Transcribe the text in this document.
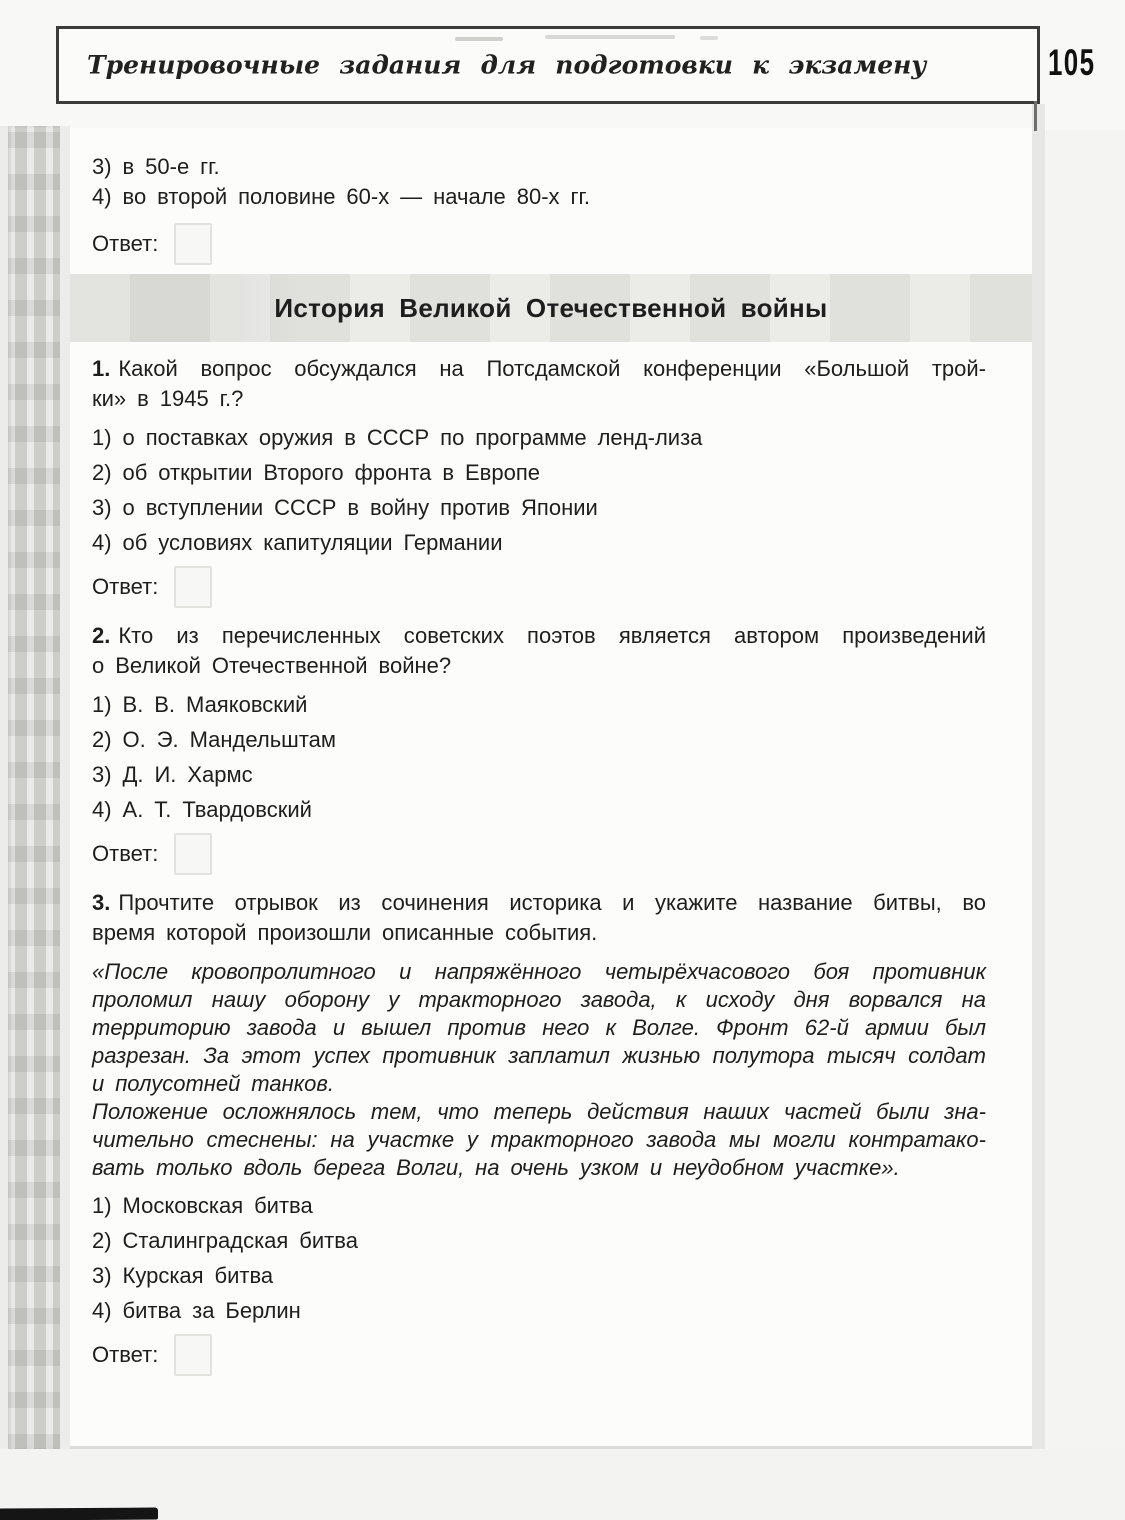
Тренировочные задания для подготовки к экзамену	105
3) в 50-е гг.
4) во второй половине 60-х — начале 80-х гг.
Ответ:
История Великой Отечественной войны
1. Какой вопрос обсуждался на Потсдамской конференции «Большой трой-
ки» в 1945 г.?
1) о поставках оружия в СССР по программе ленд-лиза
2) об открытии Второго фронта в Европе
3) о вступлении СССР в войну против Японии
4) об условиях капитуляции Германии
Ответ:
2. Кто из перечисленных советских поэтов является автором произведений
о Великой Отечественной войне?
1) В. В. Маяковский
2) О. Э. Мандельштам
3) Д. И. Хармс
4) А. Т. Твардовский
Ответ:
3. Прочтите отрывок из сочинения историка и укажите название битвы, во
время которой произошли описанные события.
«После кровопролитного и напряжённого четырёхчасового боя противник
проломил нашу оборону у тракторного завода, к исходу дня ворвался на
территорию завода и вышел против него к Волге. Фронт 62-й армии был
разрезан. За этот успех противник заплатил жизнью полутора тысяч солдат
и полусотней танков.
Положение осложнялось тем, что теперь действия наших частей были зна-
чительно стеснены: на участке у тракторного завода мы могли контратако-
вать только вдоль берега Волги, на очень узком и неудобном участке».
1) Московская битва
2) Сталинградская битва
3) Курская битва
4) битва за Берлин
Ответ:
